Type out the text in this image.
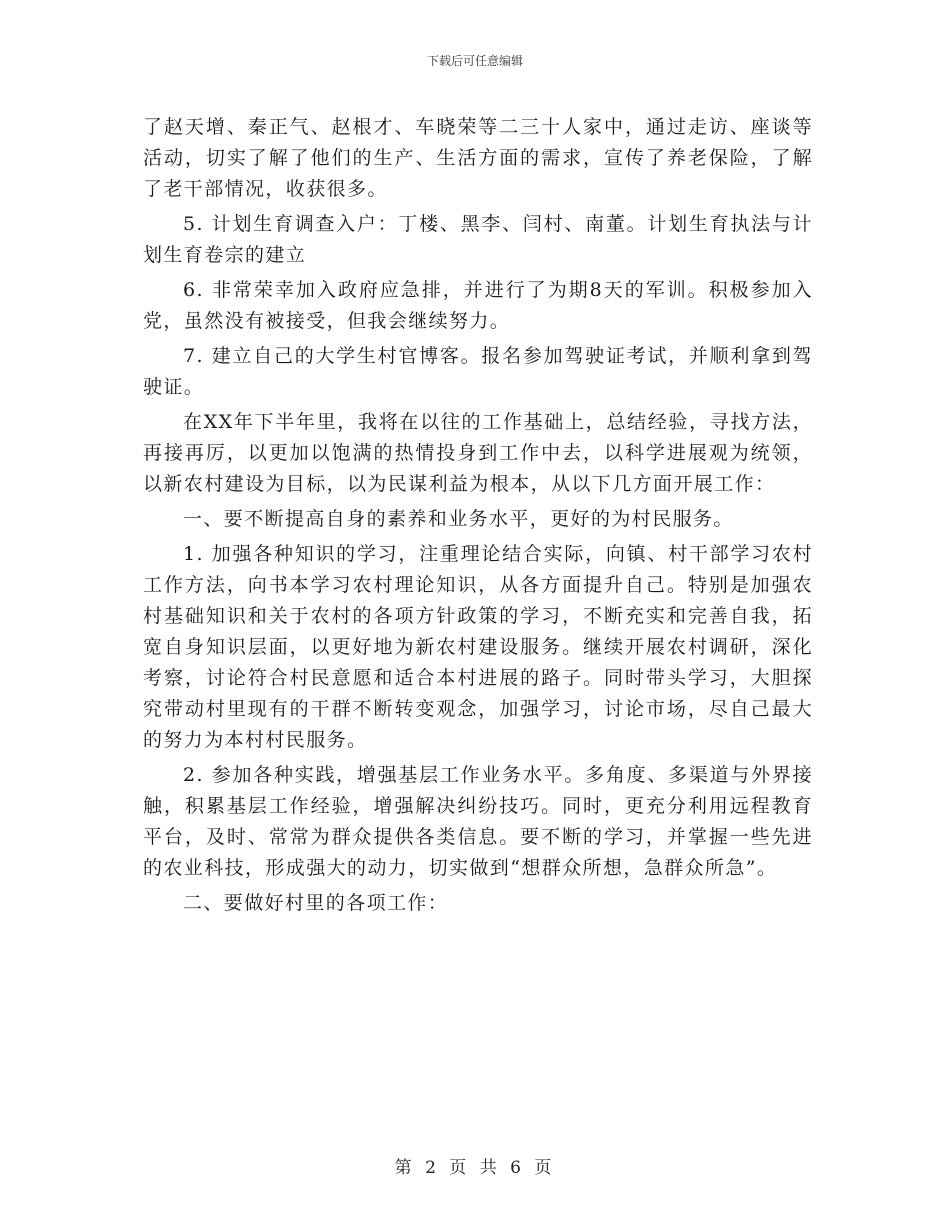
下载后可任意编辑

了赵天增、秦正气、赵根才、车晓荣等二三十人家中，通过走访、座谈等活动，切实了解了他们的生产、生活方面的需求，宣传了养老保险，了解了老干部情况，收获很多。

5. 计划生育调查入户：丁楼、黑李、闫村、南董。计划生育执法与计划生育卷宗的建立

6. 非常荣幸加入政府应急排，并进行了为期8天的军训。积极参加入党，虽然没有被接受，但我会继续努力。

7. 建立自己的大学生村官博客。报名参加驾驶证考试，并顺利拿到驾驶证。

在XX年下半年里，我将在以往的工作基础上，总结经验，寻找方法，再接再厉，以更加以饱满的热情投身到工作中去，以科学进展观为统领，以新农村建设为目标，以为民谋利益为根本，从以下几方面开展工作：

一、要不断提高自身的素养和业务水平，更好的为村民服务。

1. 加强各种知识的学习，注重理论结合实际，向镇、村干部学习农村工作方法，向书本学习农村理论知识，从各方面提升自己。特别是加强农村基础知识和关于农村的各项方针政策的学习，不断充实和完善自我，拓宽自身知识层面，以更好地为新农村建设服务。继续开展农村调研，深化考察，讨论符合村民意愿和适合本村进展的路子。同时带头学习，大胆探究带动村里现有的干群不断转变观念，加强学习，讨论市场，尽自己最大的努力为本村村民服务。

2. 参加各种实践，增强基层工作业务水平。多角度、多渠道与外界接触，积累基层工作经验，增强解决纠纷技巧。同时，更充分利用远程教育平台，及时、常常为群众提供各类信息。要不断的学习，并掌握一些先进的农业科技，形成强大的动力，切实做到“想群众所想，急群众所急”。

二、要做好村里的各项工作：

第 2 页 共 6 页
